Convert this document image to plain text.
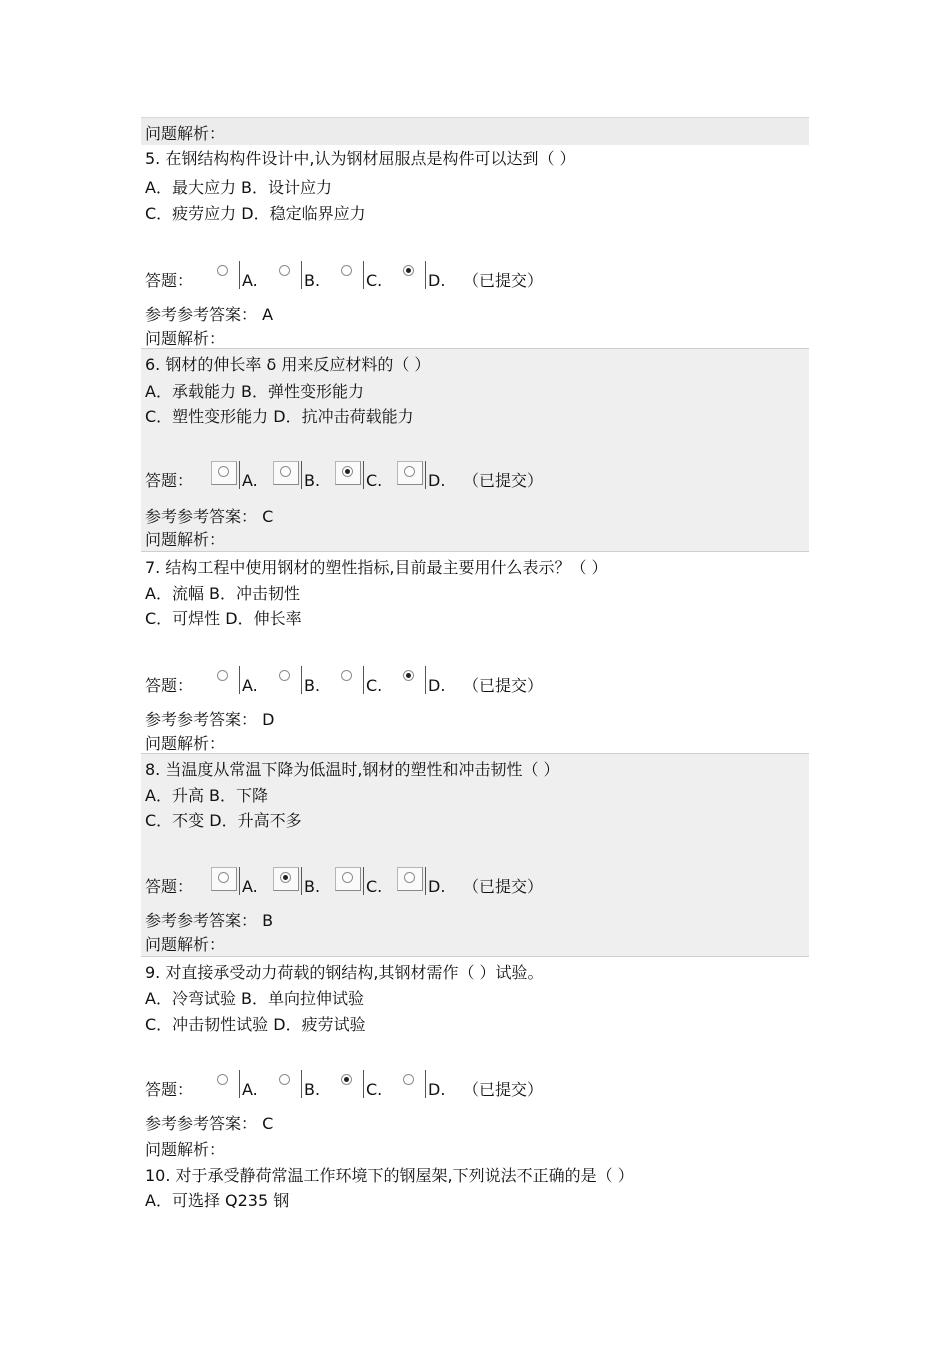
问题解析：
5. 在钢结构构件设计中,认为钢材屈服点是构件可以达到（ ）
A．最大应力 B．设计应力
C．疲劳应力 D．稳定临界应力
答题：	A.	B.	C.	D. （已提交）
参考参考答案： A
问题解析：
6. 钢材的伸长率 δ 用来反应材料的（ ）
A．承载能力 B．弹性变形能力
C．塑性变形能力 D．抗冲击荷载能力
答题：	A.	B.	C.	D. （已提交）
参考参考答案： C
问题解析：
7. 结构工程中使用钢材的塑性指标,目前最主要用什么表示？（ ）
A．流幅 B．冲击韧性
C．可焊性 D．伸长率
答题：	A.	B.	C.	D. （已提交）
参考参考答案： D
问题解析：
8. 当温度从常温下降为低温时,钢材的塑性和冲击韧性（ ）
A．升高 B．下降
C．不变 D．升高不多
答题：	A.	B.	C.	D. （已提交）
参考参考答案： B
问题解析：
9. 对直接承受动力荷载的钢结构,其钢材需作（ ）试验。
A．冷弯试验 B．单向拉伸试验
C．冲击韧性试验 D．疲劳试验
答题：	A.	B.	C.	D. （已提交）
参考参考答案： C
问题解析：
10. 对于承受静荷常温工作环境下的钢屋架,下列说法不正确的是（ ）
A．可选择 Q235 钢
